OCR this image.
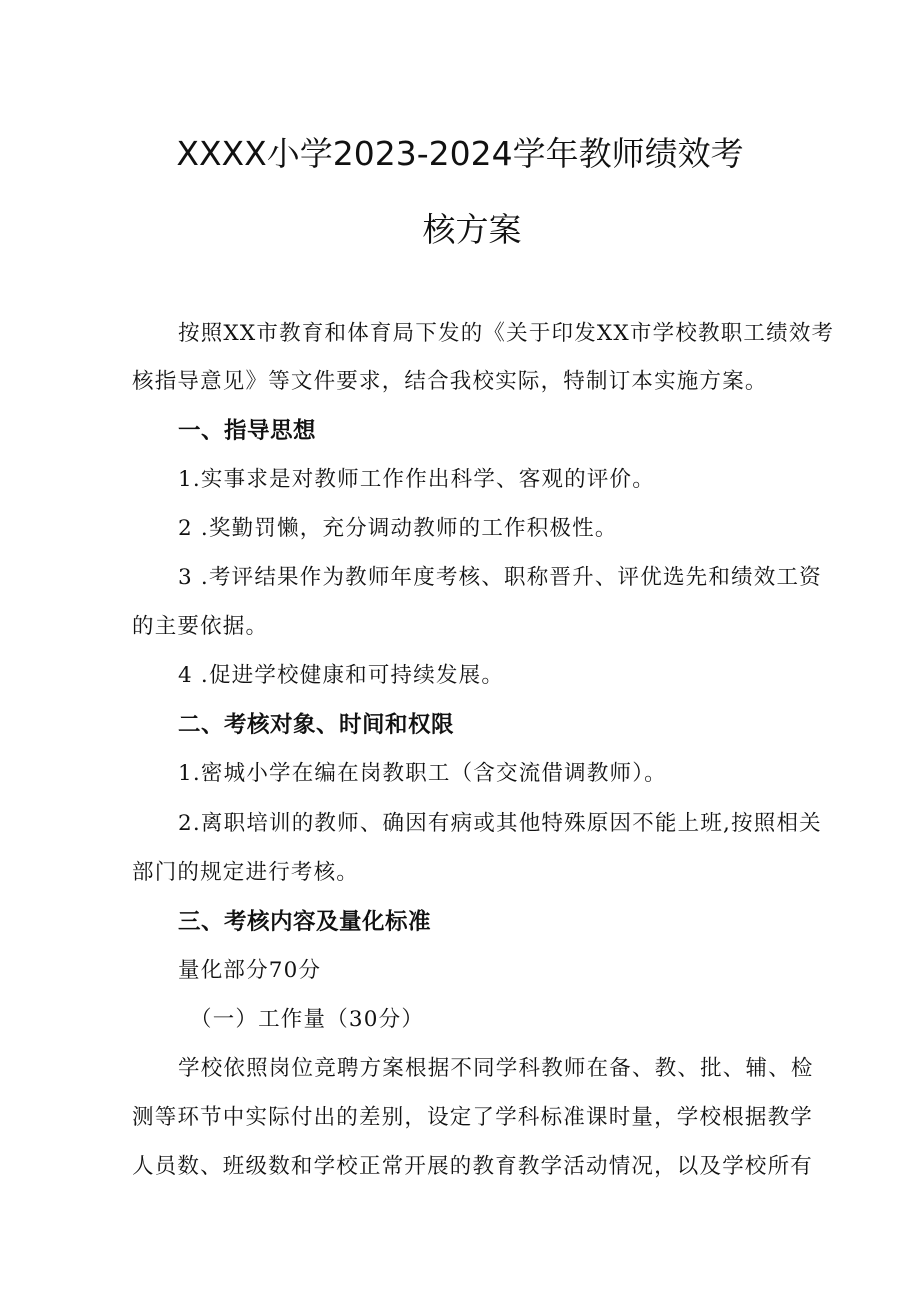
XXXX小学2023-2024学年教师绩效考
核方案

按照XX市教育和体育局下发的《关于印发XX市学校教职工绩效考

核指导意见》等文件要求，结合我校实际，特制订本实施方案。

一、指导思想

1.实事求是对教师工作作出科学、客观的评价。

2 .奖勤罚懒，充分调动教师的工作积极性。

3 .考评结果作为教师年度考核、职称晋升、评优选先和绩效工资

的主要依据。

4 .促进学校健康和可持续发展。

二、考核对象、时间和权限

1.密城小学在编在岗教职工（含交流借调教师）。

2.离职培训的教师、确因有病或其他特殊原因不能上班,按照相关

部门的规定进行考核。

三、考核内容及量化标准

量化部分70分

（一）工作量（30分）

学校依照岗位竞聘方案根据不同学科教师在备、教、批、辅、检

测等环节中实际付出的差别，设定了学科标准课时量，学校根据教学

人员数、班级数和学校正常开展的教育教学活动情况，以及学校所有
